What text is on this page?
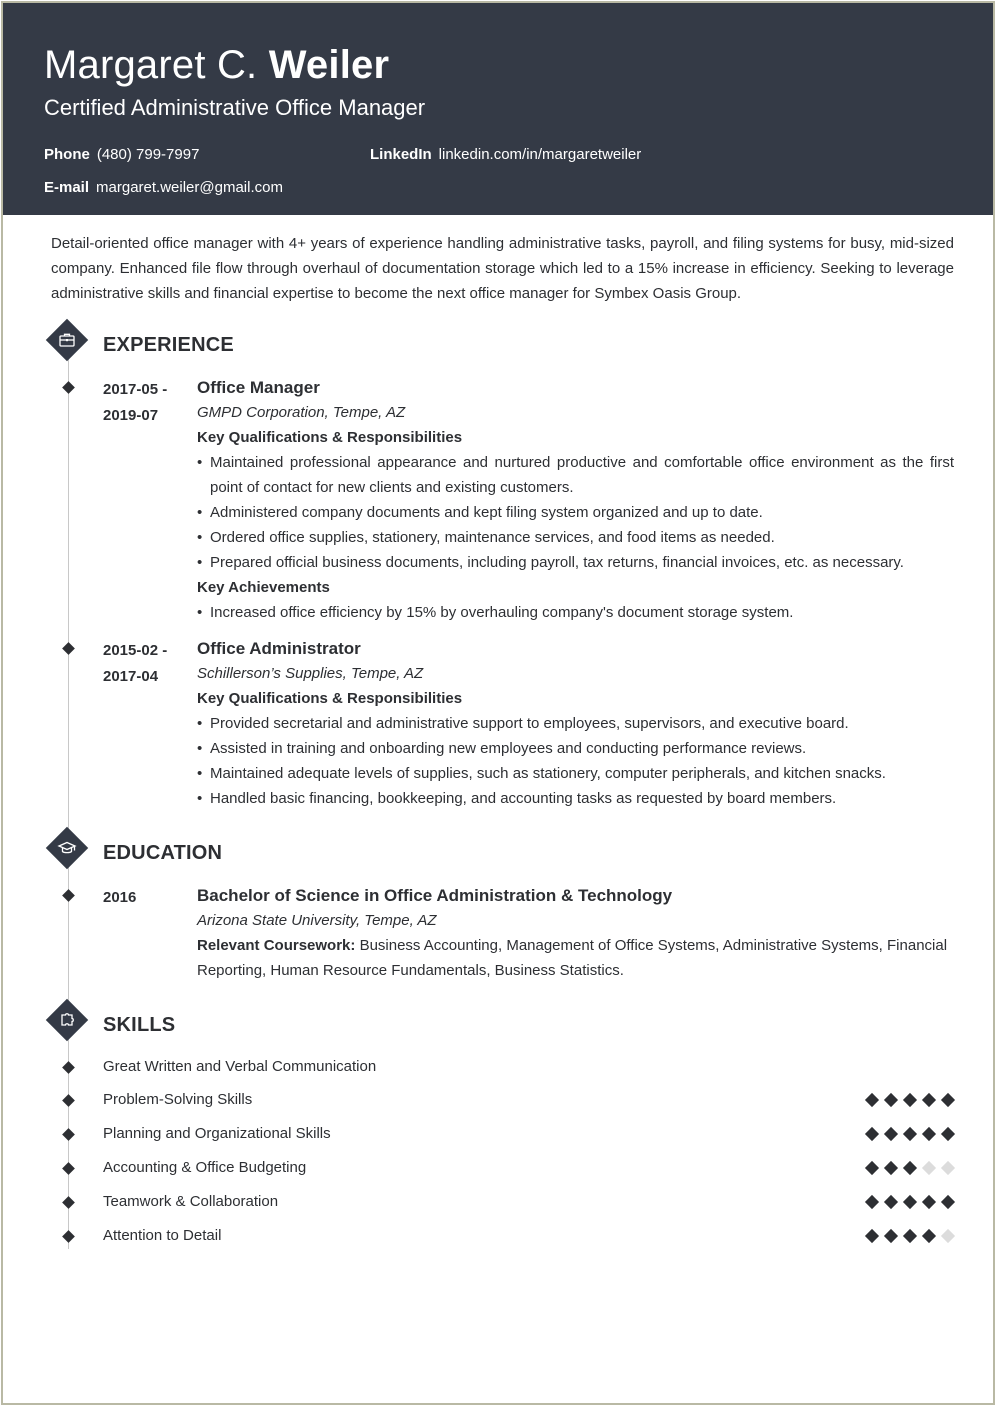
Margaret C. Weiler
Certified Administrative Office Manager
Phone (480) 799-7997	LinkedIn linkedin.com/in/margaretweiler
E-mail margaret.weiler@gmail.com
Detail-oriented office manager with 4+ years of experience handling administrative tasks, payroll, and filing systems for busy, mid-sized company. Enhanced file flow through overhaul of documentation storage which led to a 15% increase in efficiency. Seeking to leverage administrative skills and financial expertise to become the next office manager for Symbex Oasis Group.
EXPERIENCE
2017-05 -
2019-07
Office Manager
GMPD Corporation, Tempe, AZ
Key Qualifications & Responsibilities
• Maintained professional appearance and nurtured productive and comfortable office environment as the first point of contact for new clients and existing customers.
• Administered company documents and kept filing system organized and up to date.
• Ordered office supplies, stationery, maintenance services, and food items as needed.
• Prepared official business documents, including payroll, tax returns, financial invoices, etc. as necessary.
Key Achievements
• Increased office efficiency by 15% by overhauling company's document storage system.
2015-02 -
2017-04
Office Administrator
Schillerson’s Supplies, Tempe, AZ
Key Qualifications & Responsibilities
• Provided secretarial and administrative support to employees, supervisors, and executive board.
• Assisted in training and onboarding new employees and conducting performance reviews.
• Maintained adequate levels of supplies, such as stationery, computer peripherals, and kitchen snacks.
• Handled basic financing, bookkeeping, and accounting tasks as requested by board members.
EDUCATION
2016	Bachelor of Science in Office Administration & Technology
Arizona State University, Tempe, AZ
Relevant Coursework: Business Accounting, Management of Office Systems, Administrative Systems, Financial Reporting, Human Resource Fundamentals, Business Statistics.
SKILLS
Great Written and Verbal Communication
Problem-Solving Skills
Planning and Organizational Skills
Accounting & Office Budgeting
Teamwork & Collaboration
Attention to Detail
